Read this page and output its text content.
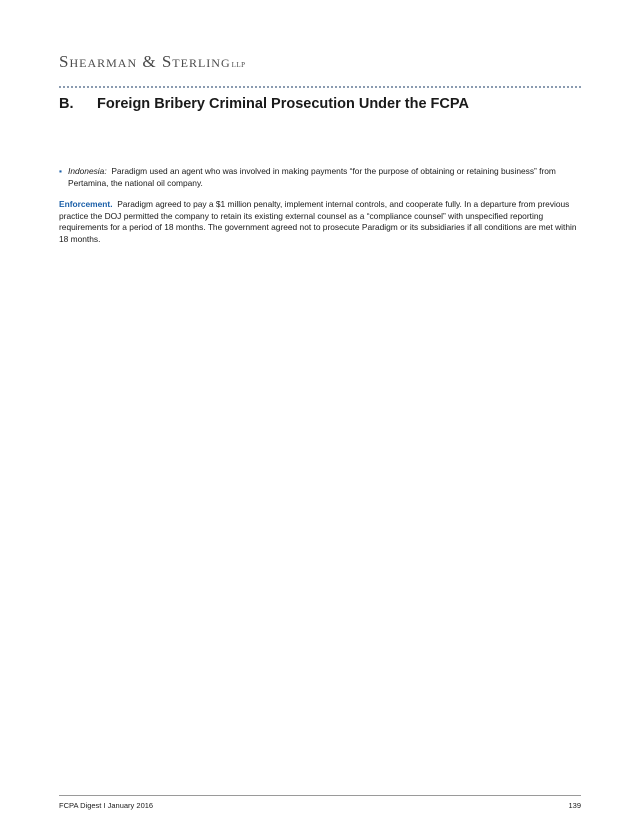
Shearman & SterlingLLP
B. Foreign Bribery Criminal Prosecution Under the FCPA
▪ Indonesia: Paradigm used an agent who was involved in making payments “for the purpose of obtaining or retaining business” from Pertamina, the national oil company.
Enforcement. Paradigm agreed to pay a $1 million penalty, implement internal controls, and cooperate fully. In a departure from previous practice the DOJ permitted the company to retain its existing external counsel as a “compliance counsel” with unspecified reporting requirements for a period of 18 months. The government agreed not to prosecute Paradigm or its subsidiaries if all conditions are met within 18 months.
FCPA Digest I January 2016	139
